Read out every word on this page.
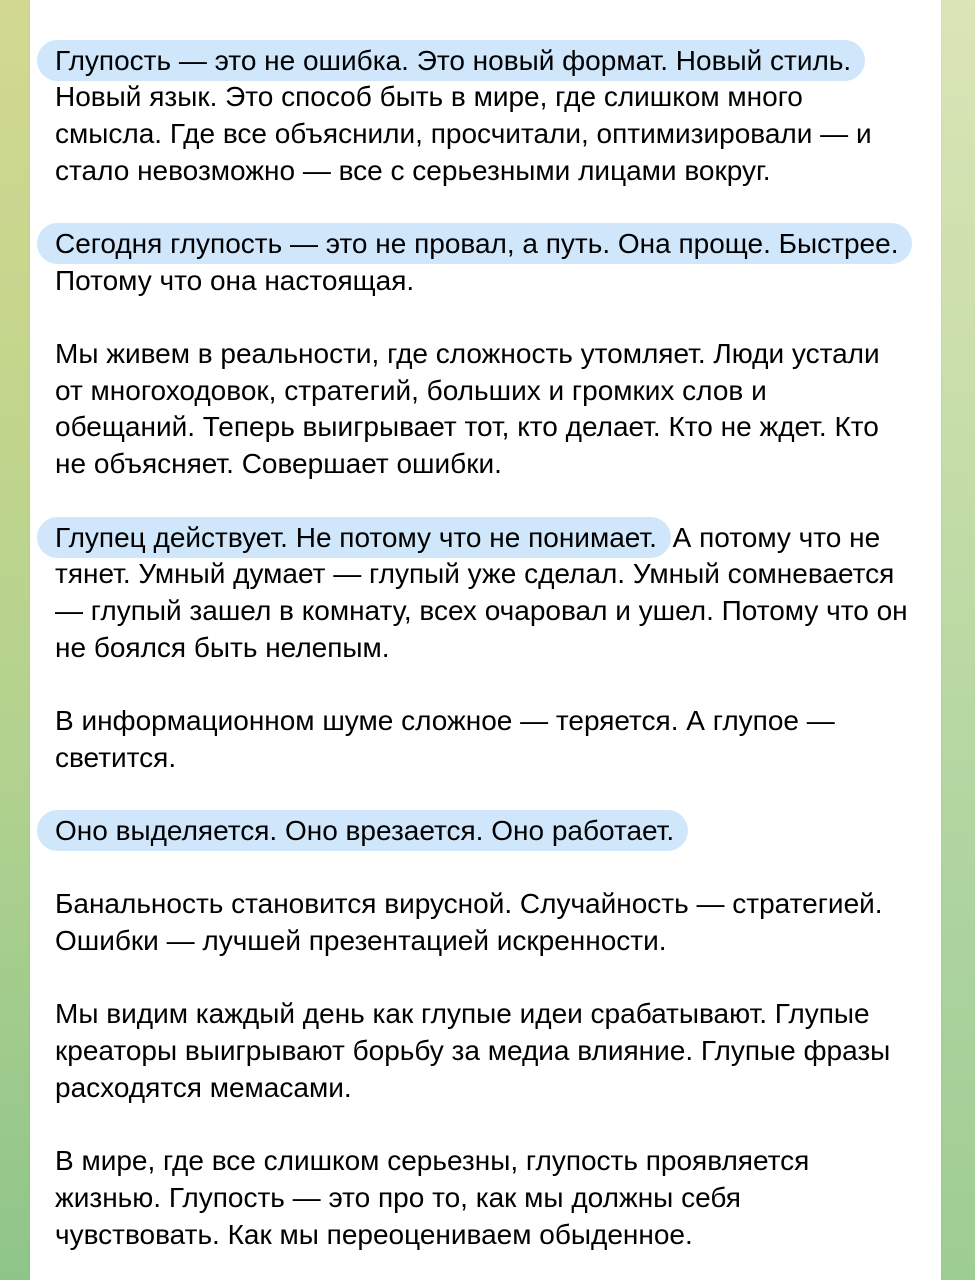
Глупость — это не ошибка. Это новый формат. Новый стиль.
Новый язык. Это способ быть в мире, где слишком много
смысла. Где все объяснили, просчитали, оптимизировали — и
стало невозможно — все с серьезными лицами вокруг.
Сегодня глупость — это не провал, а путь. Она проще. Быстрее.
Потому что она настоящая.
Мы живем в реальности, где сложность утомляет. Люди устали
от многоходовок, стратегий, больших и громких слов и
обещаний. Теперь выигрывает тот, кто делает. Кто не ждет. Кто
не объясняет. Совершает ошибки.
Глупец действует. Не потому что не понимает. А потому что не
тянет. Умный думает — глупый уже сделал. Умный сомневается
— глупый зашел в комнату, всех очаровал и ушел. Потому что он
не боялся быть нелепым.
В информационном шуме сложное — теряется. А глупое —
светится.
Оно выделяется. Оно врезается. Оно работает.
Банальность становится вирусной. Случайность — стратегией.
Ошибки — лучшей презентацией искренности.
Мы видим каждый день как глупые идеи срабатывают. Глупые
креаторы выигрывают борьбу за медиа влияние. Глупые фразы
расходятся мемасами.
В мире, где все слишком серьезны, глупость проявляется
жизнью. Глупость — это про то, как мы должны себя
чувствовать. Как мы переоцениваем обыденное.
